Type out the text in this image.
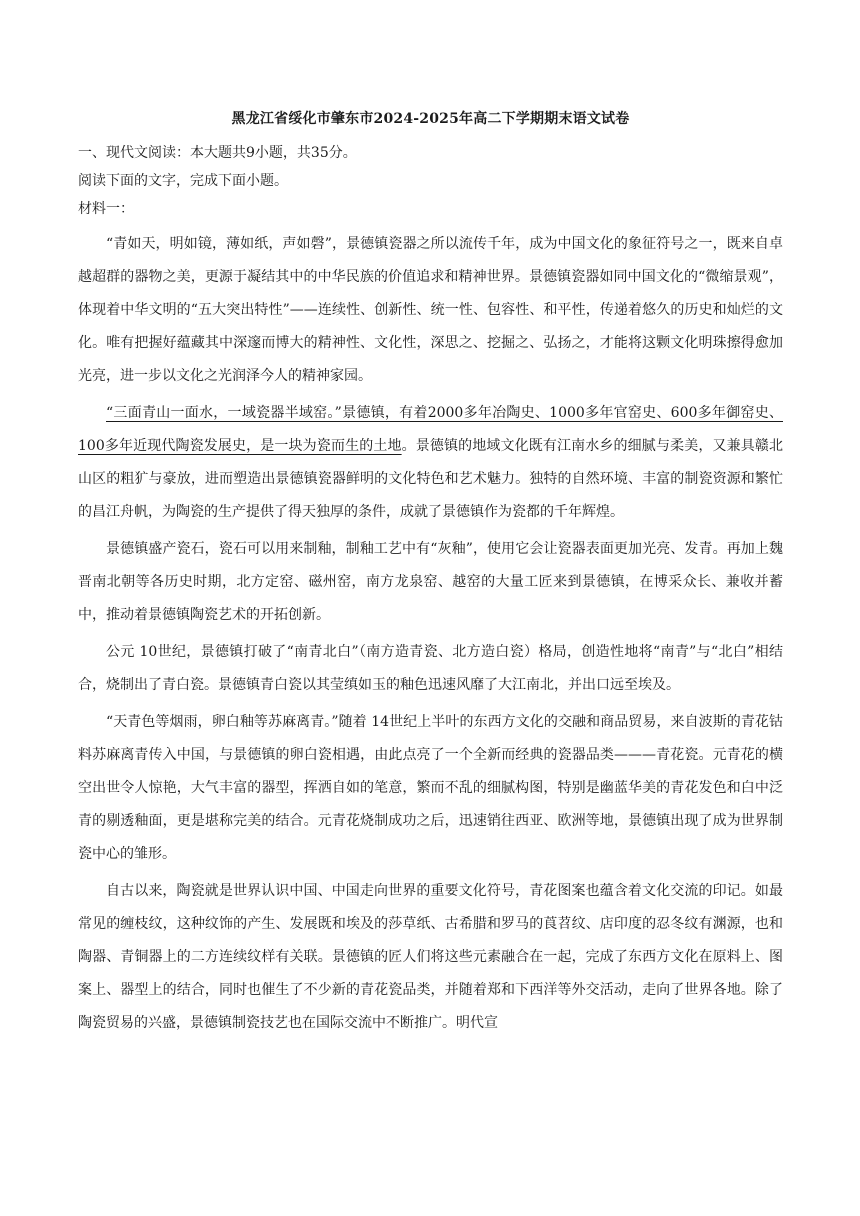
黑龙江省绥化市肇东市2024-2025年高二下学期期末语文试卷

一、现代文阅读：本大题共9小题，共35分。

阅读下面的文字，完成下面小题。

材料一：

“青如天，明如镜，薄如纸，声如磬”，景德镇瓷器之所以流传千年，成为中国文化的象征符号之一，既来自卓越超群的器物之美，更源于凝结其中的中华民族的价值追求和精神世界。景德镇瓷器如同中国文化的“微缩景观”，体现着中华文明的“五大突出特性”——连续性、创新性、统一性、包容性、和平性，传递着悠久的历史和灿烂的文化。唯有把握好蕴藏其中深邃而博大的精神性、文化性，深思之、挖掘之、弘扬之，才能将这颗文化明珠擦得愈加光亮，进一步以文化之光润泽今人的精神家园。

“三面青山一面水，一域瓷器半域窑。”景德镇，有着2000多年冶陶史、1000多年官窑史、600多年御窑史、100多年近现代陶瓷发展史，是一块为瓷而生的土地。景德镇的地域文化既有江南水乡的细腻与柔美，又兼具赣北山区的粗犷与豪放，进而塑造出景德镇瓷器鲜明的文化特色和艺术魅力。独特的自然环境、丰富的制瓷资源和繁忙的昌江舟帆，为陶瓷的生产提供了得天独厚的条件，成就了景德镇作为瓷都的千年辉煌。

景德镇盛产瓷石，瓷石可以用来制釉，制釉工艺中有“灰釉”，使用它会让瓷器表面更加光亮、发青。再加上魏晋南北朝等各历史时期，北方定窑、磁州窑，南方龙泉窑、越窑的大量工匠来到景德镇，在博采众长、兼收并蓄中，推动着景德镇陶瓷艺术的开拓创新。

公元 10世纪，景德镇打破了“南青北白”（南方造青瓷、北方造白瓷）格局，创造性地将“南青”与“北白”相结合，烧制出了青白瓷。景德镇青白瓷以其莹缜如玉的釉色迅速风靡了大江南北，并出口远至埃及。

“天青色等烟雨，卵白釉等苏麻离青。”随着 14世纪上半叶的东西方文化的交融和商品贸易，来自波斯的青花钴料苏麻离青传入中国，与景德镇的卵白瓷相遇，由此点亮了一个全新而经典的瓷器品类———青花瓷。元青花的横空出世令人惊艳，大气丰富的器型，挥洒自如的笔意，繁而不乱的细腻构图，特别是幽蓝华美的青花发色和白中泛青的剔透釉面，更是堪称完美的结合。元青花烧制成功之后，迅速销往西亚、欧洲等地，景德镇出现了成为世界制瓷中心的雏形。

自古以来，陶瓷就是世界认识中国、中国走向世界的重要文化符号，青花图案也蕴含着文化交流的印记。如最常见的缠枝纹，这种纹饰的产生、发展既和埃及的莎草纸、古希腊和罗马的莨苕纹、店印度的忍冬纹有渊源，也和陶器、青铜器上的二方连续纹样有关联。景德镇的匠人们将这些元素融合在一起，完成了东西方文化在原料上、图案上、器型上的结合，同时也催生了不少新的青花瓷品类，并随着郑和下西洋等外交活动，走向了世界各地。除了陶瓷贸易的兴盛，景德镇制瓷技艺也在国际交流中不断推广。明代宣
